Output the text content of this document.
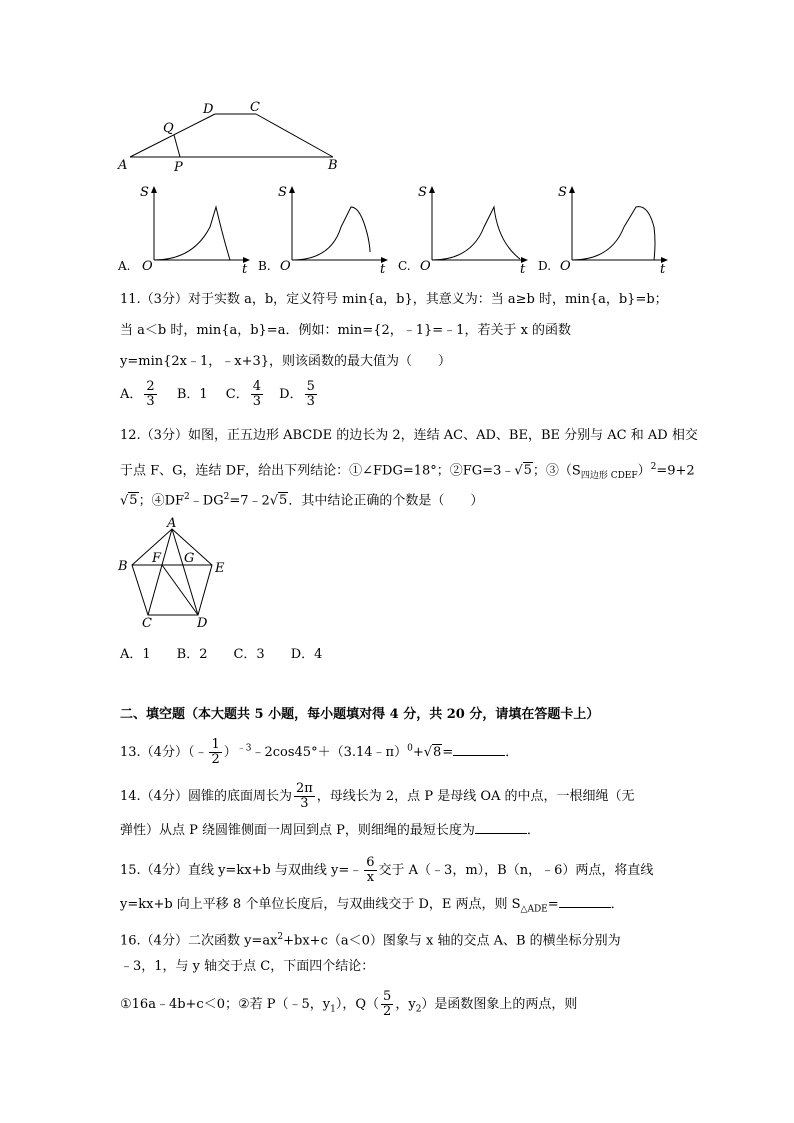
A	B
C
D
P
Q
A.
S
O	t B.
S
O	t C.
S
O	t D.
S
O	t
11.（3分）对于实数 a，b，定义符号 min{a，b}，其意义为：当 a≥b 时，min{a，b}=b；
当 a＜b 时，min{a，b}=a．例如：min={2，﹣1}=﹣1，若关于 x 的函数
y=min{2x﹣1，﹣x+3}，则该函数的最大值为（　　）
A． $\frac{2}{3}$ B．1 C． $\frac{4}{3}$ D． $\frac{5}{3}$
12.（3分）如图，正五边形 ABCDE 的边长为 2，连结 AC、AD、BE，BE 分别与 AC 和 AD 相交
于点 F、G，连结 DF，给出下列结论：①∠FDG=18°；②FG=3﹣√5；$③(S_{四边形 CDEF})^2=9+2$
√5；$④DF^2﹣DG^2=7﹣2√5$．其中结论正确的个数是（　　）
A
B
C	D
E
F G
A．1　　B．2　　C．3　　D．4
二、填空题（本大题共 5 小题，每小题填对得 4 分，共 20 分，请填在答题卡上）
13.（4分）（﹣ $\frac{1}{2}$ ）$^{﹣3}$﹣2cos45°＋（3.14﹣π）$^0$+√8=	．
14.（4分）圆锥的底面周长为 $\frac{2\pi}{3}$ ，母线长为 2，点 P 是母线 OA 的中点，一根细绳（无
弹性）从点 P 绕圆锥侧面一周回到点 P，则细绳的最短长度为	．
15.（4分）直线 y=kx+b 与双曲线 y=﹣ $\frac{6}{x}$ 交于 A（﹣3，m），B（n，﹣6）两点，将直线
y=kx+b 向上平移 8 个单位长度后，与双曲线交于 D，E 两点，则 $S_{\triangle ADE}=$	．
16.（4分）二次函数 $y=ax^2+bx+c(a<0)$图象与 x 轴的交点 A、B 的横坐标分别为
﹣3，1，与 y 轴交于点 C，下面四个结论：
①16a﹣4b+c＜0；②若 P（﹣5，$y_1$），$Q( \frac{5}{2}$ ，$y_2$）是函数图象上的两点，则
